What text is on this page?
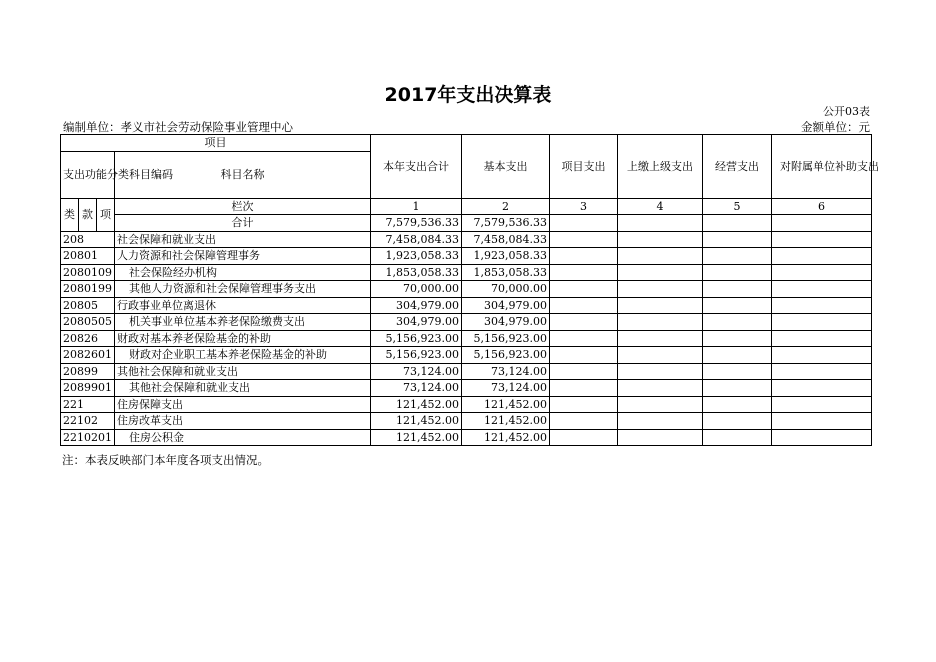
2017年支出决算表
公开03表
编制单位：孝义市社会劳动保险事业管理中心	金额单位：元
项目				本年支出合计	基本支出	项目支出	上缴上级支出	经营支出	对附属单位补助支出
支出功能分类科目编码			科目名称						

类	款	项	栏次	1	2	3	4	5	6
			合计	7,579,536.33	7,579,536.33				
208			社会保障和就业支出	7,458,084.33	7,458,084.33				
20801			人力资源和社会保障管理事务	1,923,058.33	1,923,058.33				
2080109			社会保险经办机构	1,853,058.33	1,853,058.33				
2080199			其他人力资源和社会保障管理事务支出	70,000.00	70,000.00				
20805			行政事业单位离退休	304,979.00	304,979.00				
2080505			机关事业单位基本养老保险缴费支出	304,979.00	304,979.00				
20826			财政对基本养老保险基金的补助	5,156,923.00	5,156,923.00				
2082601			财政对企业职工基本养老保险基金的补助	5,156,923.00	5,156,923.00				
20899			其他社会保障和就业支出	73,124.00	73,124.00				
2089901			其他社会保障和就业支出	73,124.00	73,124.00				
221			住房保障支出	121,452.00	121,452.00				
22102			住房改革支出	121,452.00	121,452.00				
2210201			住房公积金	121,452.00	121,452.00				
注：本表反映部门本年度各项支出情况。
